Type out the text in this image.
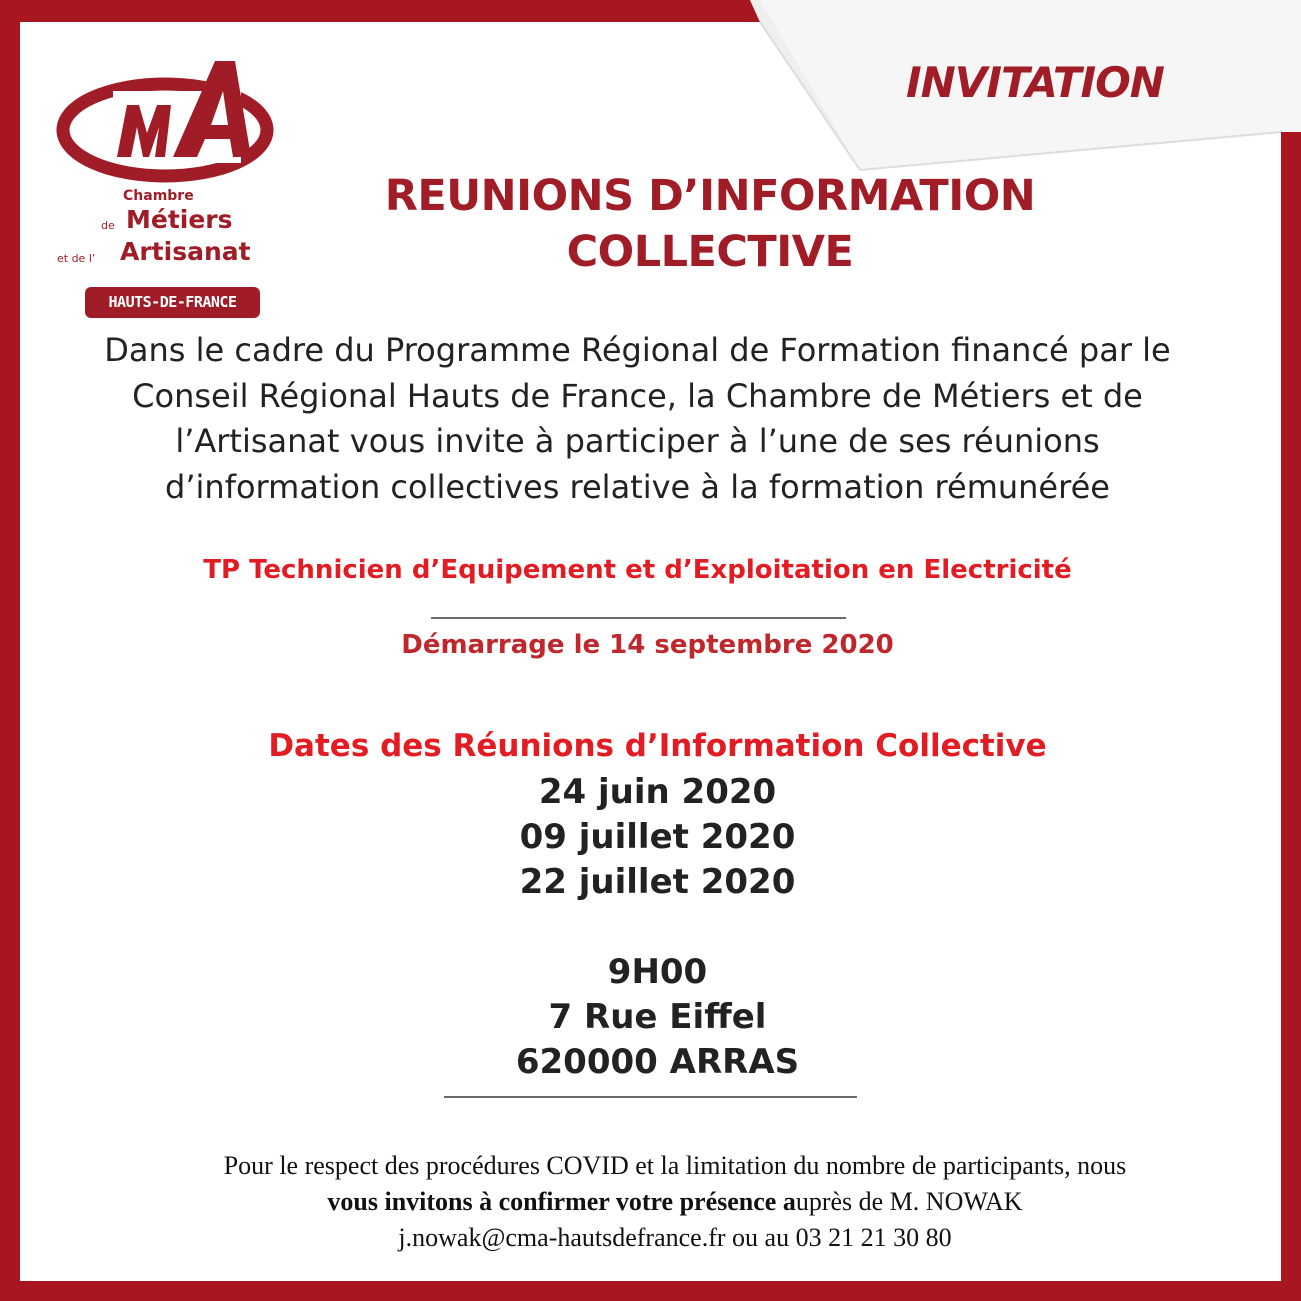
Chambre
de Métiers
et de l’ Artisanat
HAUTS-DE-FRANCE
INVITATION
REUNIONS D’INFORMATION
COLLECTIVE
Dans le cadre du Programme Régional de Formation financé par le Conseil Régional Hauts de France, la Chambre de Métiers et de l’Artisanat vous invite à participer à l’une de ses réunions d’information collectives relative à la formation rémunérée
TP Technicien d’Equipement et d’Exploitation en Electricité
Démarrage le 14 septembre 2020
Dates des Réunions d’Information Collective
24 juin 2020
09 juillet 2020
22 juillet 2020
9H00
7 Rue Eiffel
620000 ARRAS
Pour le respect des procédures COVID et la limitation du nombre de participants, nous
vous invitons à confirmer votre présence auprès de M. NOWAK
j.nowak@cma-hautsdefrance.fr ou au 03 21 21 30 80
